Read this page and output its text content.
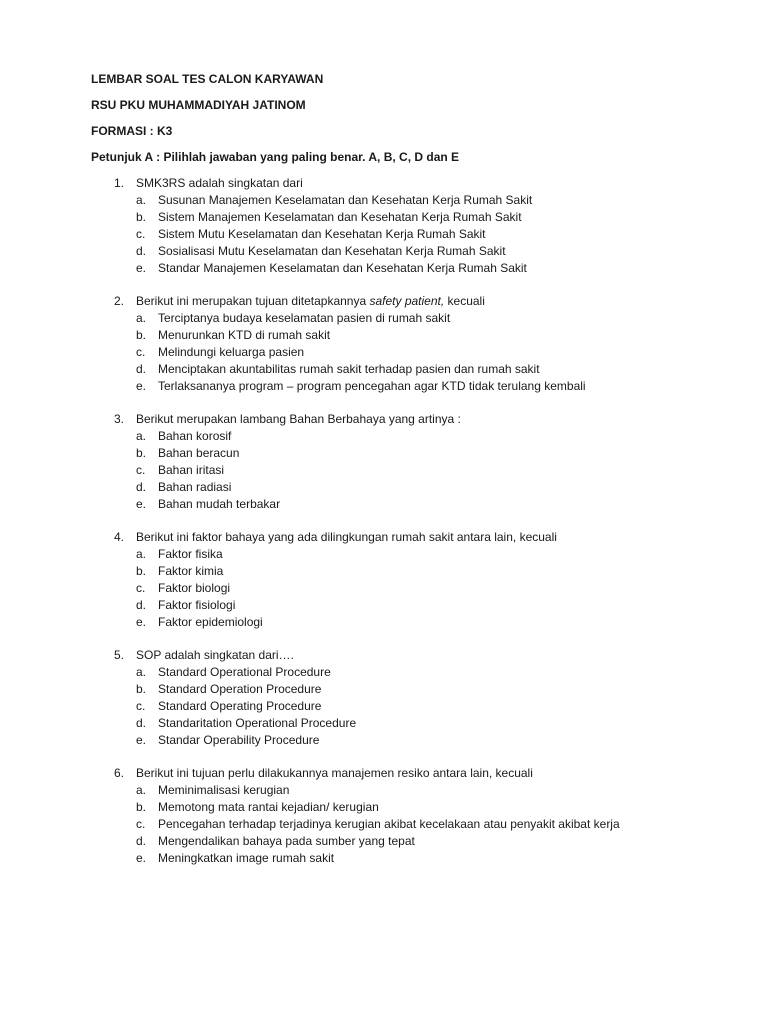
LEMBAR SOAL TES CALON KARYAWAN
RSU PKU MUHAMMADIYAH JATINOM
FORMASI : K3
Petunjuk A : Pilihlah jawaban yang paling benar. A, B, C, D dan E
1. SMK3RS adalah singkatan dari
a. Susunan Manajemen Keselamatan dan Kesehatan Kerja Rumah Sakit
b. Sistem Manajemen Keselamatan dan Kesehatan Kerja Rumah Sakit
c. Sistem Mutu Keselamatan dan Kesehatan Kerja Rumah Sakit
d. Sosialisasi Mutu Keselamatan dan Kesehatan Kerja Rumah Sakit
e. Standar Manajemen Keselamatan dan Kesehatan Kerja Rumah Sakit
2. Berikut ini merupakan tujuan ditetapkannya safety patient, kecuali
a. Terciptanya budaya keselamatan pasien di rumah sakit
b. Menurunkan KTD di rumah sakit
c. Melindungi keluarga pasien
d. Menciptakan akuntabilitas rumah sakit terhadap pasien dan rumah sakit
e. Terlaksananya program – program pencegahan agar KTD tidak terulang kembali
3. Berikut merupakan lambang Bahan Berbahaya yang artinya :
a. Bahan korosif
b. Bahan beracun
c. Bahan iritasi
d. Bahan radiasi
e. Bahan mudah terbakar
4. Berikut ini faktor bahaya yang ada dilingkungan rumah sakit antara lain, kecuali
a. Faktor fisika
b. Faktor kimia
c. Faktor biologi
d. Faktor fisiologi
e. Faktor epidemiologi
5. SOP adalah singkatan dari….
a. Standard Operational Procedure
b. Standard Operation Procedure
c. Standard Operating Procedure
d. Standaritation Operational Procedure
e. Standar Operability Procedure
6. Berikut ini tujuan perlu dilakukannya manajemen resiko antara lain, kecuali
a. Meminimalisasi kerugian
b. Memotong mata rantai kejadian/ kerugian
c. Pencegahan terhadap terjadinya kerugian akibat kecelakaan atau penyakit akibat kerja
d. Mengendalikan bahaya pada sumber yang tepat
e. Meningkatkan image rumah sakit
